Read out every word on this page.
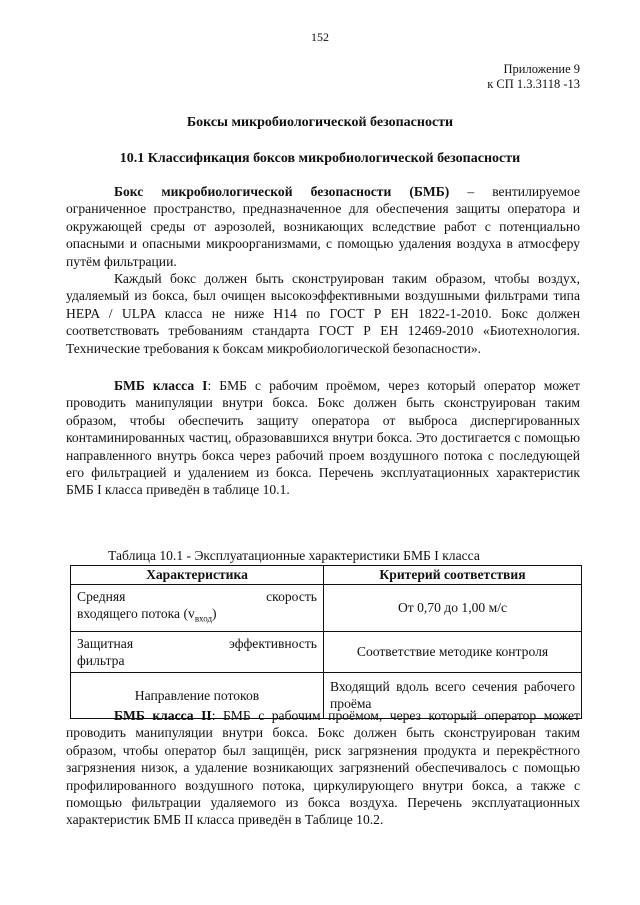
152
Приложение 9
к СП 1.3.3118 -13
Боксы микробиологической безопасности
10.1 Классификация боксов микробиологической безопасности

Бокс микробиологической безопасности (БМБ) – вентилируемое ограниченное пространство, предназначенное для обеспечения защиты оператора и окружающей среды от аэрозолей, возникающих вследствие работ с потенциально опасными и опасными микроорганизмами, с помощью удаления воздуха в атмосферу путём фильтрации.

Каждый бокс должен быть сконструирован таким образом, чтобы воздух, удаляемый из бокса, был очищен высокоэффективными воздушными фильтрами типа HEPA / ULPA класса не ниже H14 по ГОСТ Р ЕН 1822-1-2010. Бокс должен соответствовать требованиям стандарта ГОСТ Р ЕН 12469-2010 «Биотехнология. Технические требования к боксам микробиологической безопасности».

БМБ класса I: БМБ с рабочим проёмом, через который оператор может проводить манипуляции внутри бокса. Бокс должен быть сконструирован таким образом, чтобы обеспечить защиту оператора от выброса диспергированных контаминированных частиц, образовавшихся внутри бокса. Это достигается с помощью направленного внутрь бокса через рабочий проем воздушного потока с последующей его фильтрацией и удалением из бокса. Перечень эксплуатационных характеристик БМБ I класса приведён в таблице 10.1.

Таблица 10.1 - Эксплуатационные характеристики БМБ I класса
Характеристика	Критерий соответствия

Средняя скорость
входящего потока $(v_{вход})$	От 0,70 до 1,00 м/с

Защитная эффективность
фильтра	Соответствие методике контроля
Направление потоков	Входящий вдоль всего сечения рабочего проёма

БМБ класса II: БМБ с рабочим проёмом, через который оператор может проводить манипуляции внутри бокса. Бокс должен быть сконструирован таким образом, чтобы оператор был защищён, риск загрязнения продукта и перекрёстного загрязнения низок, а удаление возникающих загрязнений обеспечивалось с помощью профилированного воздушного потока, циркулирующего внутри бокса, а также с помощью фильтрации удаляемого из бокса воздуха. Перечень эксплуатационных характеристик БМБ II класса приведён в Таблице 10.2.
